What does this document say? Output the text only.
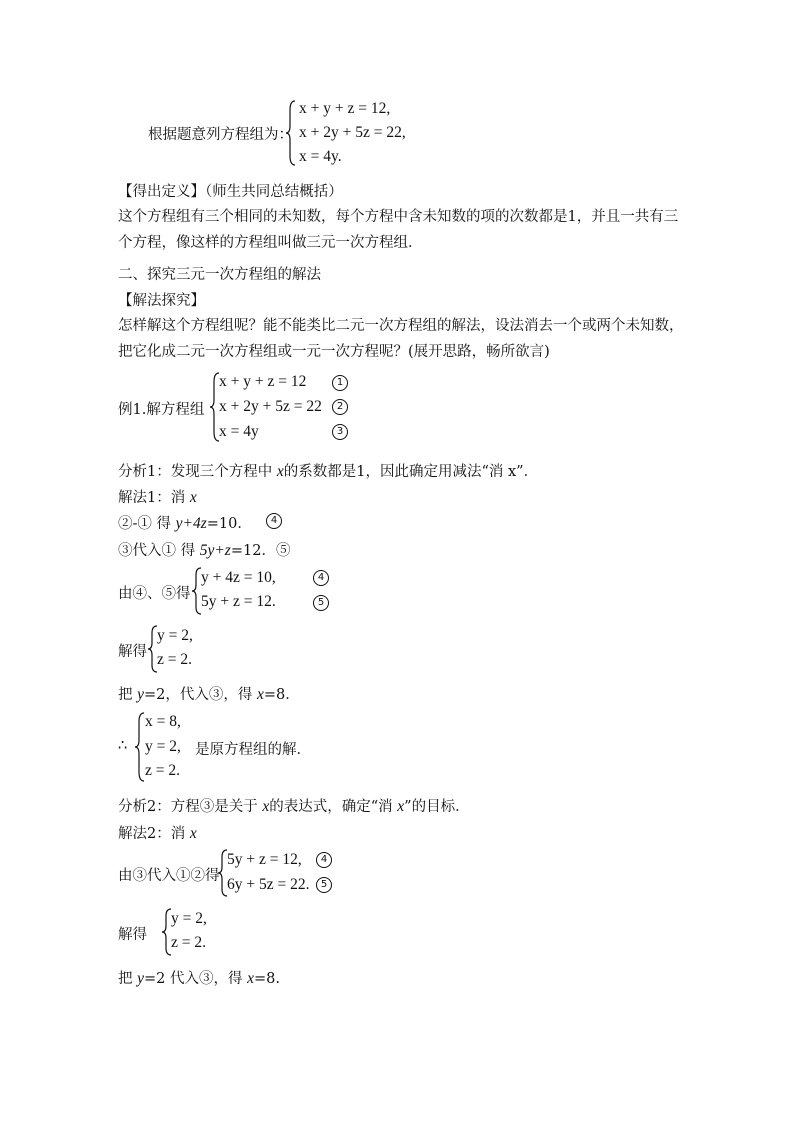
根据题意列方程组为：
x + y + z = 12,
x + 2y + 5z = 22,
x = 4y.
【得出定义】（师生共同总结概括）
这个方程组有三个相同的未知数，每个方程中含未知数的项的次数都是1，并且一共有三个方程，像这样的方程组叫做三元一次方程组．
二、探究三元一次方程组的解法
【解法探究】
怎样解这个方程组呢？能不能类比二元一次方程组的解法，设法消去一个或两个未知数，把它化成二元一次方程组或一元一次方程呢？(展开思路，畅所欲言)
例1.解方程组
x + y + z = 12
x + 2y + 5z = 22
x = 4y
1
2
3
分析1：发现三个方程中 x的系数都是1，因此确定用减法“消 x”．
解法1：消 x
②-① 得 y+4z=10．	4
③代入① 得 5y+z=12．⑤
由④、⑤得
y + 4z = 10,
5y + z = 12.
4
5
解得
y = 2,
z = 2.
把 y=2，代入③，得 x=8．
∴
x = 8,
y = 2,
z = 2.
是原方程组的解．
分析2：方程③是关于 x的表达式，确定“消 x”的目标．
解法2：消 x
由③代入①②得
5y + z = 12,
6y + 5z = 22.
4
5
解得
y = 2,
z = 2.
把 y=2 代入③，得 x=8.
